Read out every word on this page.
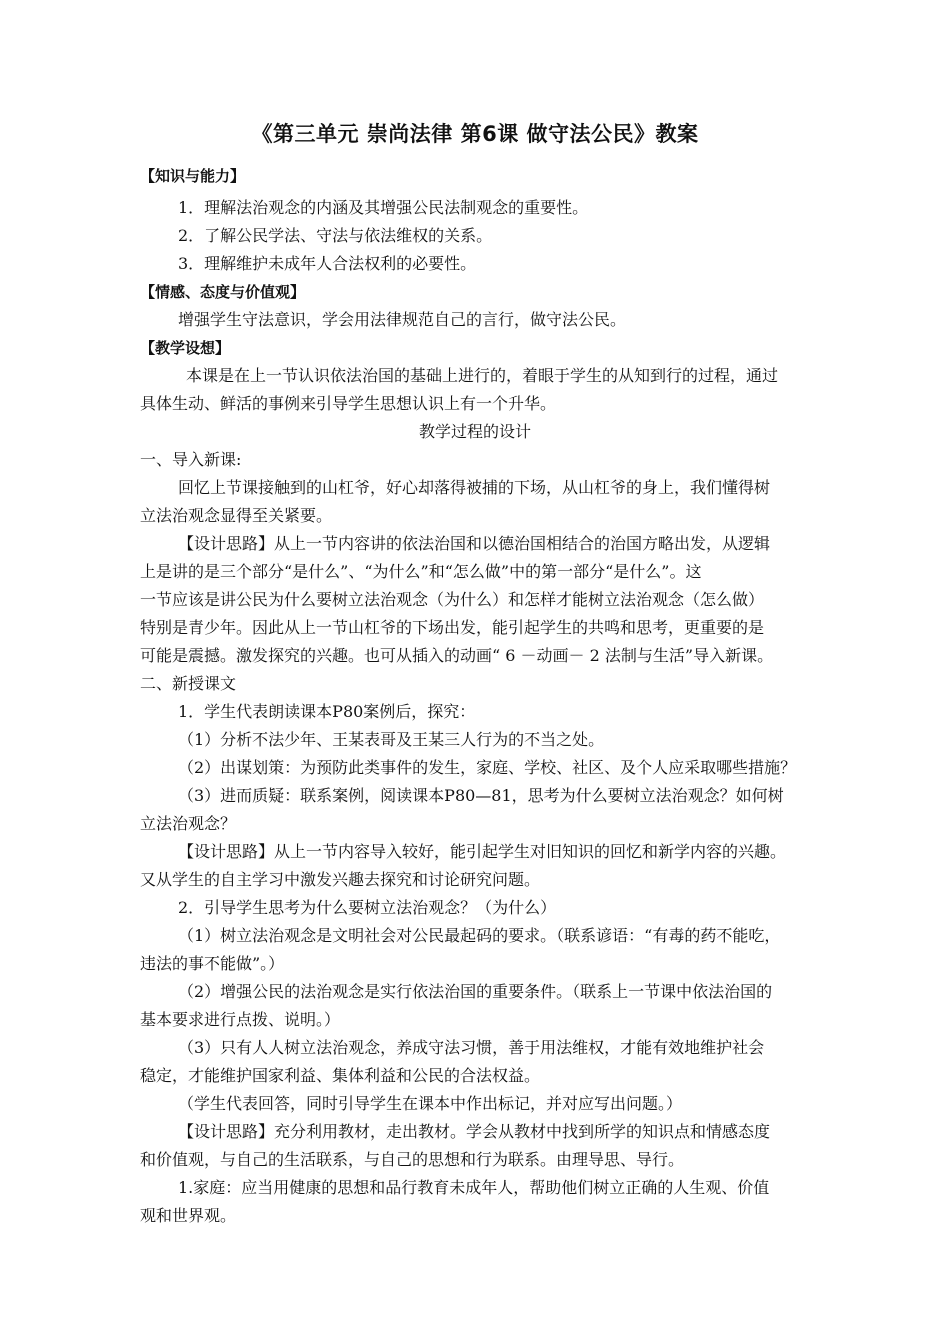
《第三单元 崇尚法律 第6课 做守法公民》教案
【知识与能力】
1．理解法治观念的内涵及其增强公民法制观念的重要性。
2．了解公民学法、守法与依法维权的关系。
3．理解维护未成年人合法权利的必要性。
【情感、态度与价值观】
增强学生守法意识，学会用法律规范自己的言行，做守法公民。
【教学设想】
本课是在上一节认识依法治国的基础上进行的，着眼于学生的从知到行的过程，通过
具体生动、鲜活的事例来引导学生思想认识上有一个升华。
教学过程的设计
一、导入新课:
回忆上节课接触到的山杠爷，好心却落得被捕的下场，从山杠爷的身上，我们懂得树
立法治观念显得至关紧要。
【设计思路】从上一节内容讲的依法治国和以德治国相结合的治国方略出发，从逻辑
上是讲的是三个部分“是什么”、“为什么”和“怎么做”中的第一部分“是什么”。这
一节应该是讲公民为什么要树立法治观念（为什么）和怎样才能树立法治观念（怎么做）
特别是青少年。因此从上一节山杠爷的下场出发，能引起学生的共鸣和思考，更重要的是
可能是震撼。激发探究的兴趣。也可从插入的动画“ 6 －动画－ 2 法制与生活”导入新课。
二、新授课文
1．学生代表朗读课本P80案例后，探究：
（1）分析不法少年、王某表哥及王某三人行为的不当之处。
（2）出谋划策：为预防此类事件的发生，家庭、学校、社区、及个人应采取哪些措施？
（3）进而质疑：联系案例，阅读课本P80—81，思考为什么要树立法治观念？如何树
立法治观念？
【设计思路】从上一节内容导入较好，能引起学生对旧知识的回忆和新学内容的兴趣。
又从学生的自主学习中激发兴趣去探究和讨论研究问题。
2．引导学生思考为什么要树立法治观念？（为什么）
（1）树立法治观念是文明社会对公民最起码的要求。（联系谚语：“有毒的药不能吃，
违法的事不能做”。）
（2）增强公民的法治观念是实行依法治国的重要条件。（联系上一节课中依法治国的
基本要求进行点拨、说明。）
（3）只有人人树立法治观念，养成守法习惯，善于用法维权，才能有效地维护社会
稳定，才能维护国家利益、集体利益和公民的合法权益。
（学生代表回答，同时引导学生在课本中作出标记，并对应写出问题。）
【设计思路】充分利用教材，走出教材。学会从教材中找到所学的知识点和情感态度
和价值观，与自己的生活联系，与自己的思想和行为联系。由理导思、导行。
1.家庭：应当用健康的思想和品行教育未成年人，帮助他们树立正确的人生观、价值
观和世界观。
